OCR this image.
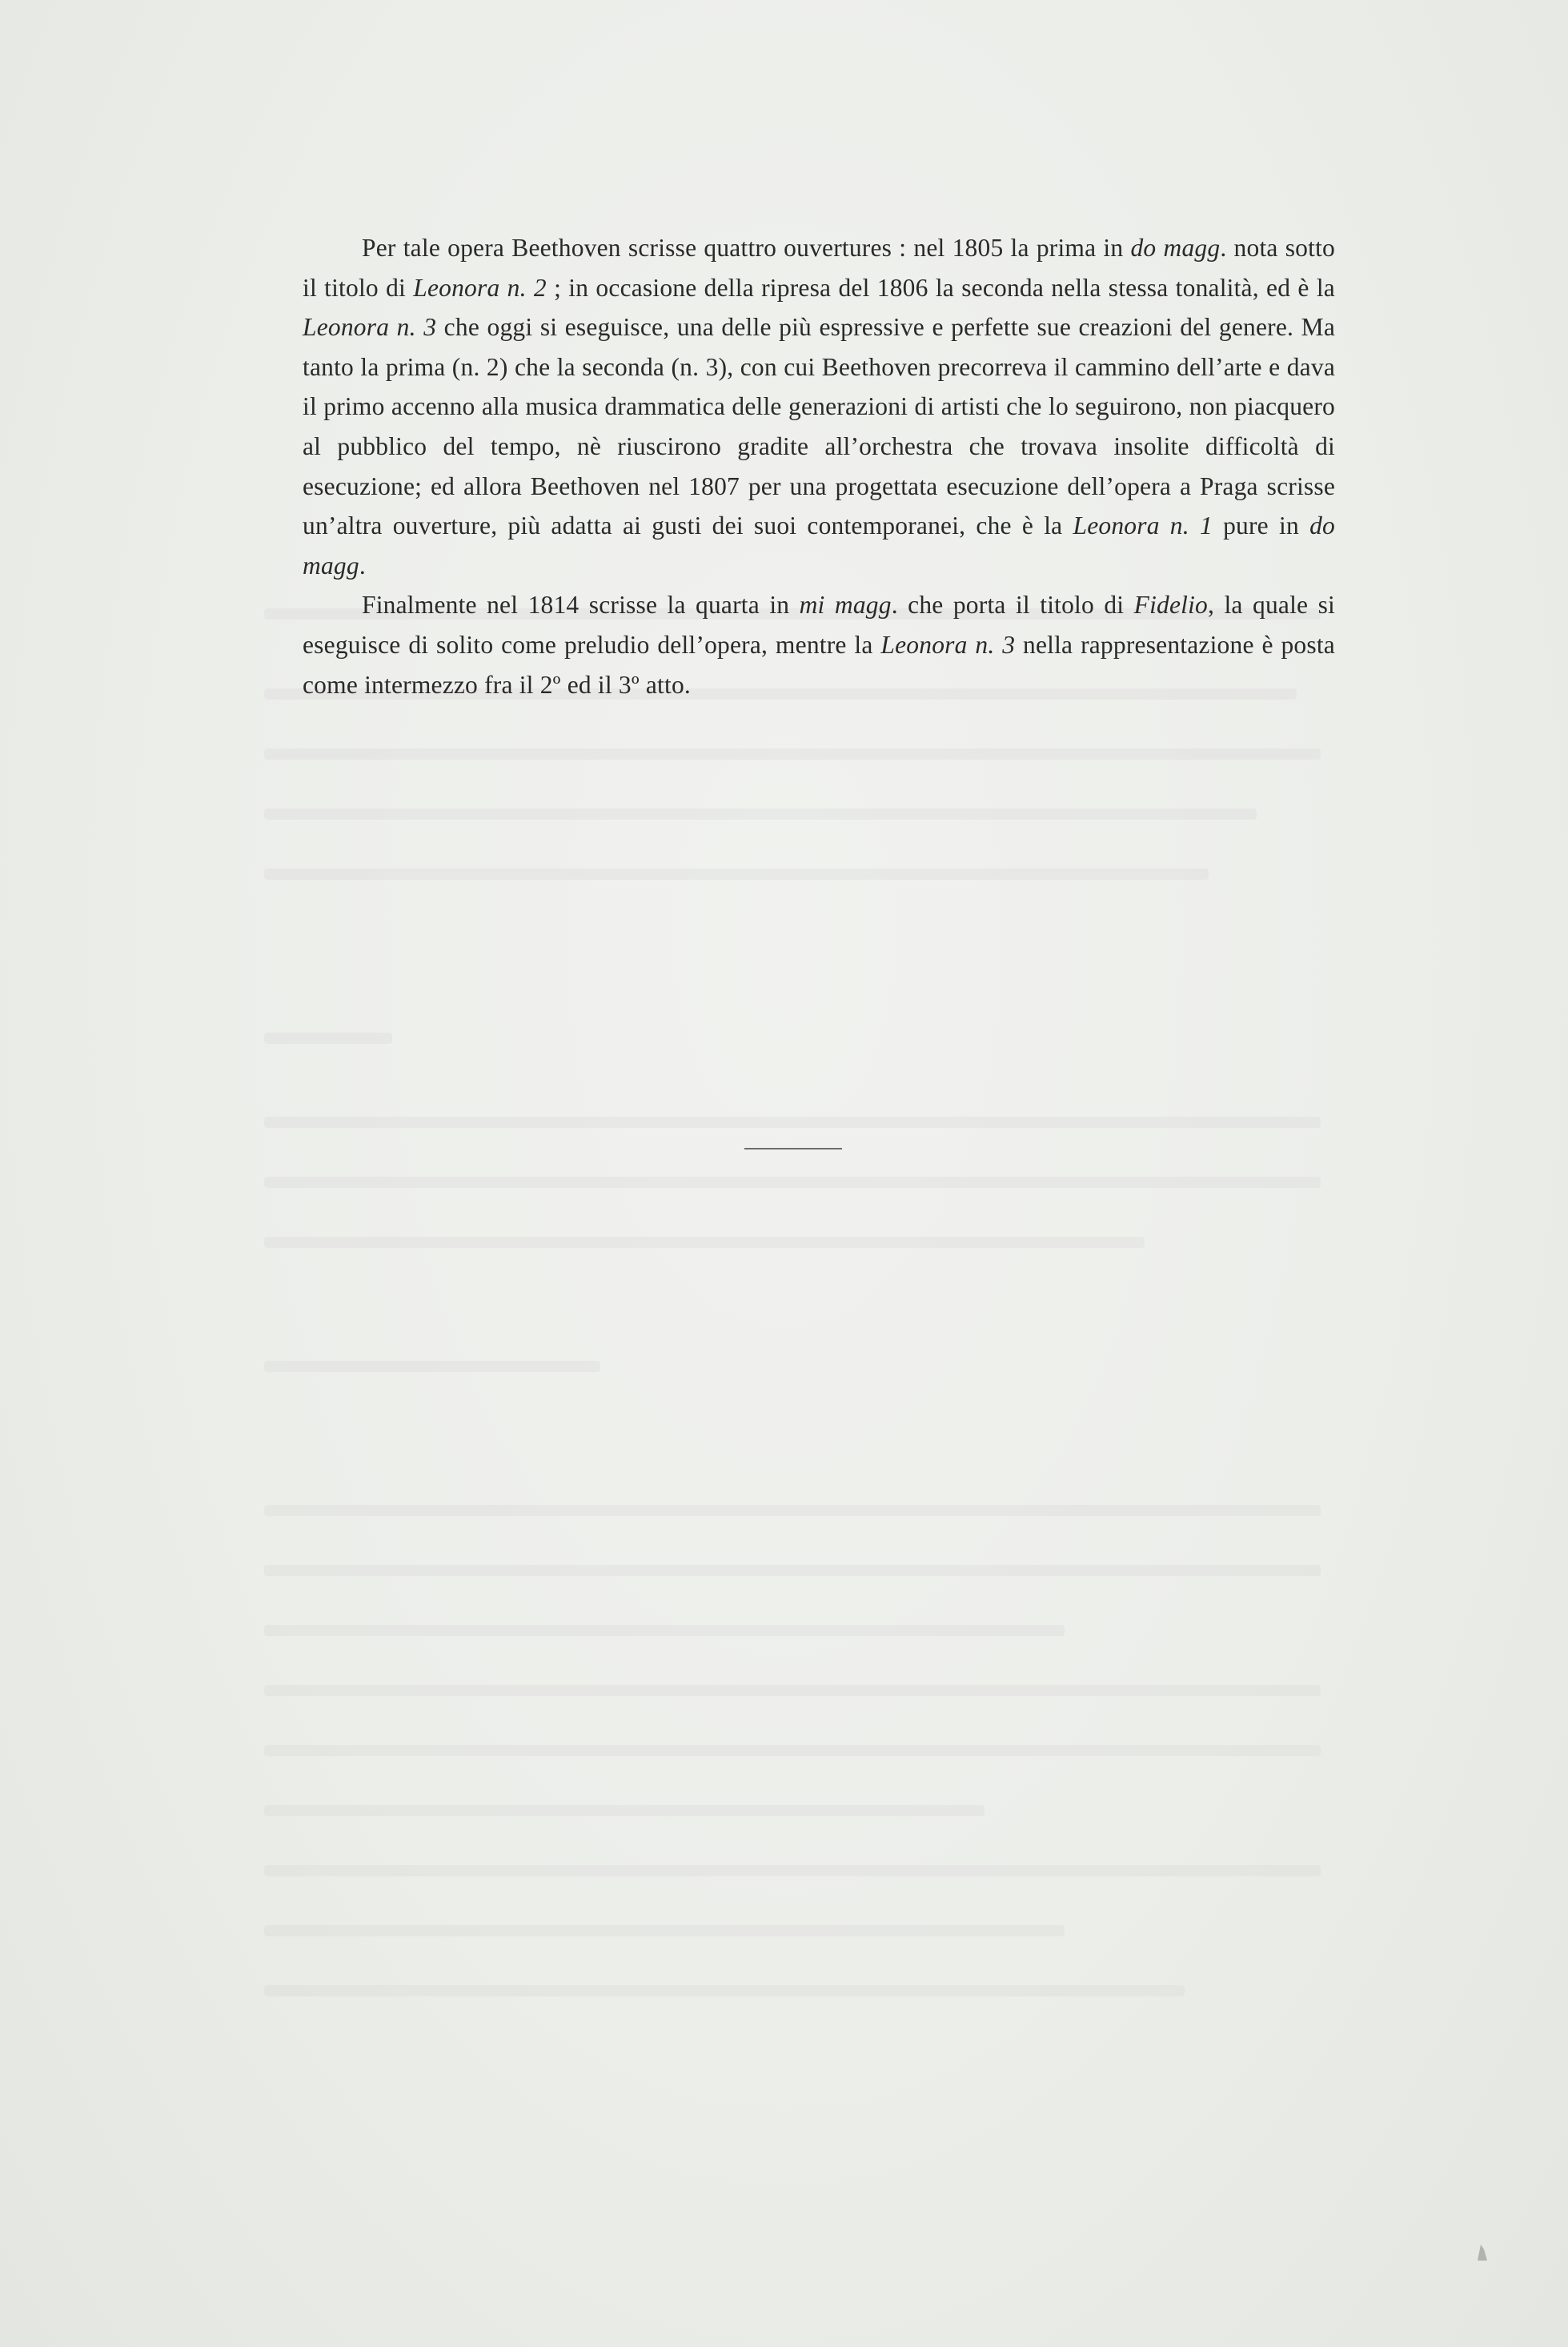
Per tale opera Beethoven scrisse quattro ouvertures : nel 1805 la prima in do magg. nota sotto il titolo di Leonora n. 2 ; in occasione della ripresa del 1806 la seconda nella stessa tonalità, ed è la Leonora n. 3 che oggi si eseguisce, una delle più espressive e perfette sue creazioni del genere. Ma tanto la prima (n. 2) che la seconda (n. 3), con cui Beethoven precorreva il cammino dell’arte e dava il primo accenno alla musica drammatica delle generazioni di artisti che lo seguirono, non piacquero al pubblico del tempo, nè riuscirono gradite all’orchestra che trovava insolite difficoltà di esecuzione; ed allora Beethoven nel 1807 per una progettata esecuzione dell’opera a Praga scrisse un’altra ouverture, più adatta ai gusti dei suoi contemporanei, che è la Leonora n. 1 pure in do magg.

Finalmente nel 1814 scrisse la quarta in mi magg. che porta il titolo di Fidelio, la quale si eseguisce di solito come preludio dell’opera, mentre la Leonora n. 3 nella rappresentazione è posta come intermezzo fra il 2º ed il 3º atto.
